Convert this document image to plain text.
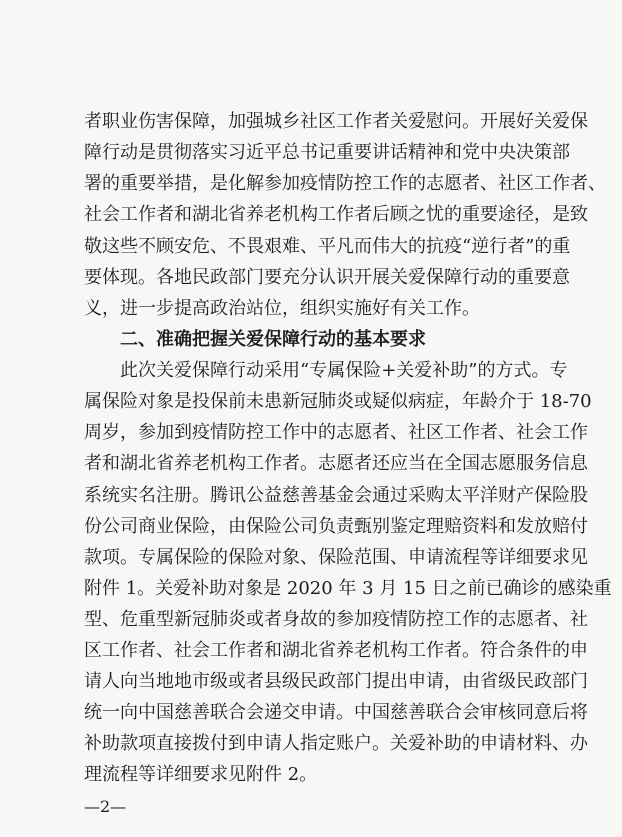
者职业伤害保障，加强城乡社区工作者关爱慰问。开展好关爱保
障行动是贯彻落实习近平总书记重要讲话精神和党中央决策部
署的重要举措，是化解参加疫情防控工作的志愿者、社区工作者、
社会工作者和湖北省养老机构工作者后顾之忧的重要途径，是致
敬这些不顾安危、不畏艰难、平凡而伟大的抗疫“逆行者”的重
要体现。各地民政部门要充分认识开展关爱保障行动的重要意
义，进一步提高政治站位，组织实施好有关工作。
二、准确把握关爱保障行动的基本要求
此次关爱保障行动采用“专属保险+关爱补助”的方式。专
属保险对象是投保前未患新冠肺炎或疑似病症，年龄介于 18-70
周岁，参加到疫情防控工作中的志愿者、社区工作者、社会工作
者和湖北省养老机构工作者。志愿者还应当在全国志愿服务信息
系统实名注册。腾讯公益慈善基金会通过采购太平洋财产保险股
份公司商业保险，由保险公司负责甄别鉴定理赔资料和发放赔付
款项。专属保险的保险对象、保险范围、申请流程等详细要求见
附件 1。关爱补助对象是 2020 年 3 月 15 日之前已确诊的感染重
型、危重型新冠肺炎或者身故的参加疫情防控工作的志愿者、社
区工作者、社会工作者和湖北省养老机构工作者。符合条件的申
请人向当地地市级或者县级民政部门提出申请，由省级民政部门
统一向中国慈善联合会递交申请。中国慈善联合会审核同意后将
补助款项直接拨付到申请人指定账户。关爱补助的申请材料、办
理流程等详细要求见附件 2。
—2—
